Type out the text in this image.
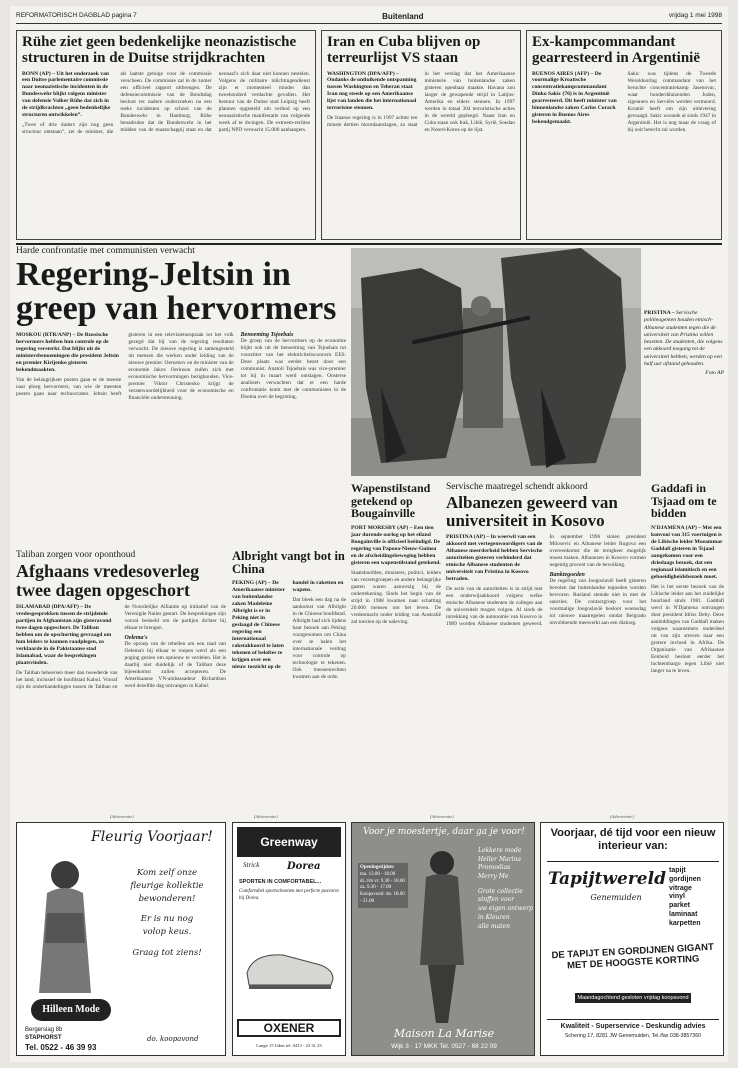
REFORMATORISCH DAGBLAD pagina 7	Buitenland	vrijdag 1 mei 1998
Rühe ziet geen bedenkelijke neonazistische structuren in de Duitse strijdkrachten
BONN (AP) – Uit het onderzoek van een Duitse parlementaire commissie naar neonazistische incidenten in de Bundeswehr blijkt volgens minister van defensie Volker Rühe dat zich in de strijdkrachten „geen bedenkelijke structuren ontwikkelen”.
„Twee of drie daders zijn nog geen structuur ontstaan”, zei de minister, die als laatste getuige voor de commissie verscheen. De commissie zal in de zomer een officieel rapport uitbrengen. De defensiecommissie van de Bondsdag besloot tot nadere onderzoeken na een reeks incidenten op school van de Bundeswehr in Hamburg. Rühe benadrukte dat de Bundeswehr in het midden van de maatschappij staat en dat neonazi's zich daar niet kunnen nestelen. Volgens de militaire inlichtingendienst zijn er momenteel minder dan tweehonderd verdachte gevallen. Het bestuur van de Duitse stad Leipzig heeft plannen opgesteld om verbod op een neonazistische manifestatie van volgende week af te dwingen. De extreem-rechtse partij NPD verwacht 15.000 aanhangers.
Iran en Cuba blijven op terreurlijst VS staan
WASHINGTON (DPA/AFP) – Ondanks de ontluikende ontspanning tussen Washington en Teheran staat Iran nog steeds op een Amerikaanse lijst van landen die het internationaal terrorisme steunen.
De Iraanse regering is in 1997 achter ten minste dertien moordaanslagen, zo staat in het verslag dat het Amerikaanse ministerie van buitenlandse zaken gisteren openbaar maakte. Havana zou langer de gewapende strijd in Latijns-Amerika en elders steunen. In 1997 werden in totaal 304 terroristische acties in de wereld gepleegd. Naast Iran en Cuba staan ook Irak, Libië, Syrië, Soedan en Noord-Korea op de lijst.
Ex-kampcommandant gearresteerd in Argentinië
BUENOS AIRES (AFP) – De voormalige Kroatische concentratiekampcommandant Dinko Sakic (76) is in Argentinië gearresteerd. Dit heeft minister van binnenlandse zaken Carlos Corach gisteren in Buenos Aires bekendgemaakt.
Sakic was tijdens de Tweede Wereldoorlog commandant van het beruchte concentratiekamp Jasenovac, waar honderdduizenden Joden, zigeuners en Serviërs werden vermoord. Kroatië heeft om zijn uitlevering gevraagd. Sakic woonde al sinds 1947 in Argentinië. Het is nog maar de vraag of hij ooit berecht zal worden.
Harde confrontatie met communisten verwacht
Regering-Jeltsin in greep van hervormers
MOSKOU (RTR/ANP) – De Russische hervormers hebben hun controle op de regering versterkt. Dat blijkt uit de ministersbenoemingen die president Jeltsin en premier Kirijenko gisteren bekendmaakten.
Van de belangrijkste posten gaan er de meeste naar ploeg hervormers, van wie de meesten posten gaan naar technocraten. Jeltsin heeft gisteren in een televisietoespraak tot het volk gezegd dat hij van de regering resultaten verwacht. De nieuwe regering is samengesteld uit mensen die werken onder leiding van de nieuwe premier. Oeroenov en de minister van de economie Jakov Oerinson zullen zich met economische hervormingen bezighouden. Vice-premier Viktor Christenko krijgt de verantwoordelijkheid voor de economische en financiële ondersteuning.
Benoeming Tsjoebais
De groep van de hervormers op de economie blijkt ook uit de benoeming van Tsjoebais tot voorzitter van het elektriciteitsconcern EES. Deze plaats was eerder bezet door een communist. Anatoli Tsjoebais was vice-premier tot hij in maart werd ontslagen. Oosterse analisten verwachten dat er een harde confrontatie komt met de communisten in de Doema over de begroting.
PRISTINA – Servische politieagenten houden etnisch-Albanese studenten tegen die de universiteit van Pristina willen bezetten. De studenten, die volgens een akkoord toegang tot de universiteit hebben, werden op een half uur afstand gehouden.
Foto AP
Wapenstilstand getekend op Bougainville
PORT MORESBY (AP) – Een tien jaar durende oorlog op het eiland Bougainville is officieel beëindigd. De regering van Papoea-Nieuw-Guinea en de afscheidingsbeweging hebben gisteren een wapenstilstand getekend.
Staatshoofden, ministers, politici, leiders van verzetsgroepen en andere belangrijke gasten waren aanwezig bij de ondertekening. Sinds het begin van de strijd in 1988 kwamen naar schatting 20.000 mensen om het leven. De vredesmacht onder leiding van Australië zal toezien op de naleving.
Servische maatregel schendt akkoord
Albanezen geweerd van universiteit in Kosovo
PRISTINA (AP) – In weerwil van een akkoord met vertegenwoordigers van de Albanese meerderheid hebben Servische autoriteiten gisteren verhinderd dat etnische Albanese studenten de universiteit van Pristina in Kosovo betraden.
De actie van de autoriteiten is in strijd met een onderwijsakkoord volgens welke etnische Albanese studenten de colleges aan de universiteit mogen volgen. Al sinds de intrekking van de autonomie van Kosovo in 1989 worden Albanese studenten geweerd. In september 1996 sloten president Milosevic en Albanese leider Rugova een overeenkomst die de terugkeer mogelijk moest maken. Albanezen in Kosovo vormen negentig procent van de bevolking.
Banktegoeden
De regering van Joegoslavië heeft gisteren bevolen dat buitenlandse tegoeden worden bevroren. Rusland stemde niet in met de sancties. De contactgroep voor het voormalige Joegoslavië besloot woensdag tot nieuwe maatregelen omdat Belgrado onvoldoende meewerkt aan een dialoog.
Gaddafi in Tsjaad om te bidden
N'DJAMENA (AP) – Met een konvooi van 315 voertuigen is de Libische leider Moeammar Gaddafi gisteren in Tsjaad aangekomen voor een driedaags bezoek, dat een regionaal islamitisch en een geboeidigheidsbezoek moet.
Het is het eerste bezoek van de Libische leider aan het zuidelijke buurland sinds 1981. Gaddafi werd in N'Djamena ontvangen door president Idriss Deby. Deze aanbiddingen van Gaddafi maken volgens waarnemers onderdeel uit van zijn streven naar een grotere invloed in Afrika. De Organisatie van Afrikaanse Eenheid besloot eerder het luchtembargo tegen Libië niet langer na te leven.
Taliban zorgen voor oponthoud
Afghaans vredesoverleg twee dagen opgeschort
ISLAMABAD (DPA/AFP) – De vredesgesprekken tussen de strijdende partijen in Afghanistan zijn gisteravond twee dagen opgeschort. De Taliban hebben om de opschorting gevraagd om hun leiders te kunnen raadplegen, zo verklaarde in de Pakistaanse stad Islamabad, waar de besprekingen plaatsvinden.
De Taliban beheersen meer dan tweederde van het land, inclusief de hoofdstad Kabul. Vooraf zijn de onderhandelingen tussen de Taliban en de Noordelijke Alliantie op initiatief van de Verenigde Naties gestart. De besprekingen zijn vooral bedoeld om de partijen dichter bij elkaar te brengen.
Oelema's
De oproep van de rebellen om een raad van Oelema's bij elkaar te roepen werd als een poging gezien om opnieuw te verdelen. Het is daarbij niet duidelijk of de Taliban deze bijeenkomst zullen accepteren. De Amerikaanse VN-ambassadeur Richardson werd dezelfde dag ontvangen in Kabul.
Albright vangt bot in China
PEKING (AP) – De Amerikaanse minister van buitenlandse zaken Madeleine Albright is er in Peking niet in geslaagd de Chinese regering een internationaal raketakkoord te laten tekenen of beloftes te krijgen over een nieuw toezicht op de handel in raketten en wapens.
Dat bleek een dag na de aankomst van Albright in de Chinese hoofdstad. Albright had zich tijdens haar bezoek aan Peking voorgenomen om China over te halen het internationale verdrag voor controle op technologie te tekenen. Ook mensenrechten kwamen aan de orde.
(Advertentie)
Fleurig Voorjaar!
Kom zelf onze
fleurige kollektie
bewonderen!
Er is nu nog
volop keus.
Graag tot ziens!
Hilleen Mode
Bergerslag 8b
STAPHORST
Tel. 0522 - 46 39 93
do. koopavond
(Advertentie)
Greenway
Strick	Dorea
SPORTEN IN COMFORTABEL...
Comfortabel sportschoenen met perfecte pasvorm bij Dorea.
OXENER
Lange 15 Uden tel. 0413 - 23 31 23
(Advertentie)
Voor je moestertje, daar ga je voor!
Openingstijden:
ma. 13.00 - 18.00
di. t/m vr. 9.30 - 18.00
za. 9.30 - 17.00
Koopavond: do. 18.00 - 21.00
Lekkere mode
Heller Marina
Promodias
Merry Me
Grote collectie
stoffen voor
uw eigen ontwerp
in Kleuren
alle maten
Maison La Marise
Wijk 3 · 17 MKK Tel. 0527 - 68 22 09
(Advertentie)
Voorjaar, dé tijd voor een nieuw interieur van:
Tapijtwereld
Genemuiden
tapijt
gordijnen
vitrage
vinyl
parket
laminaat
karpetten
DE TAPIJT EN GORDIJNEN GIGANT MET DE HOOGSTE KORTING
Maandagochtend gesloten vrijdag koopavond
Kwaliteit - Superservice - Deskundig advies
Schering 17, 8281 JW Genemuiden, Tel./fax 038-3857360
